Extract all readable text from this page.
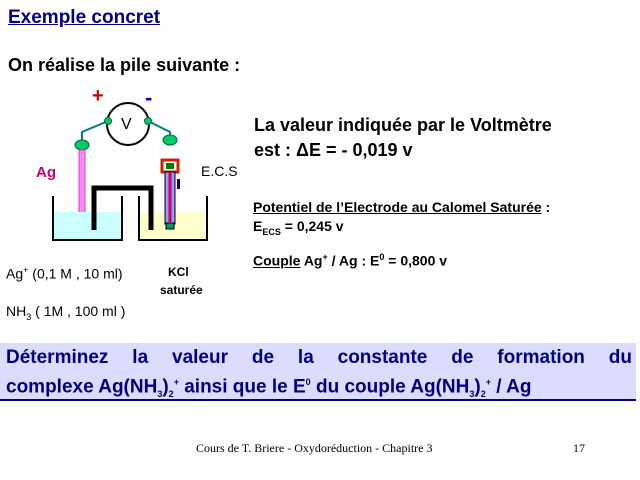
Exemple concret
On réalise la pile suivante :
+ -
V
Ag	E.C.S
KCl
saturée
Ag+ (0,1 M , 10 ml)
$NH_3$ ( 1M , 100 ml )
La valeur indiquée par le Voltmètre
est : ΔE = - 0,019 v
Potentiel de l’Electrode au Calomel Saturée :
$E_{ECS} = 0,245$ v
Couple Ag+ / Ag : $E^0 = 0,800$ v
Déterminez la valeur de la constante de formation du
complexe $Ag(NH_3)_2^+$ ainsi que le $E^0$ du couple $Ag(NH_3)_2^+$ / Ag
Cours de T. Briere - Oxydoréduction - Chapitre 3	17
